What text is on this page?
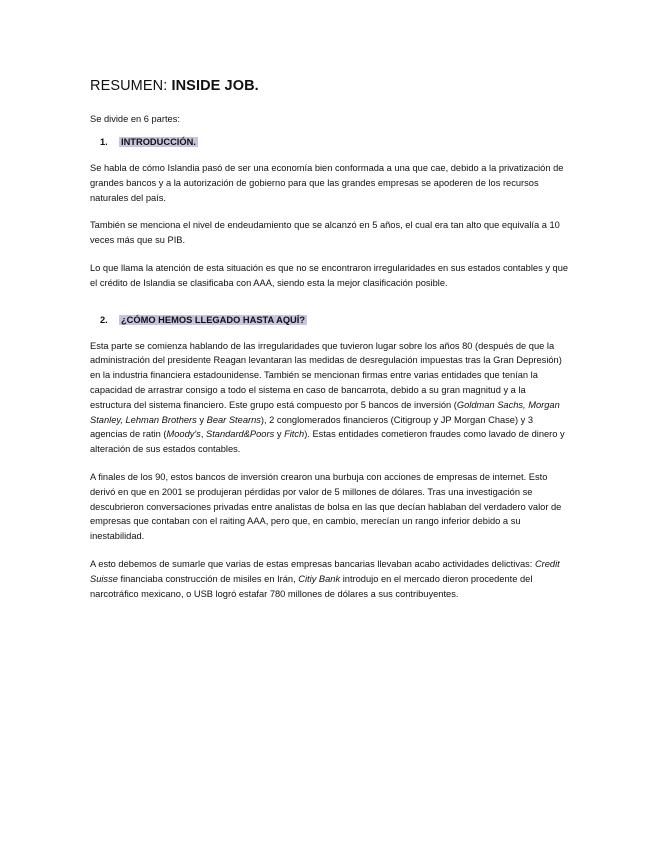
RESUMEN: INSIDE JOB.
Se divide en 6 partes:
1. INTRODUCCIÓN.

Se habla de cómo Islandia pasó de ser una economía bien conformada a una que cae, debido a la privatización de grandes bancos y a la autorización de gobierno para que las grandes empresas se apoderen de los recursos naturales del país.

También se menciona el nivel de endeudamiento que se alcanzó en 5 años, el cual era tan alto que equivalía a 10 veces más que su PIB.

Lo que llama la atención de esta situación es que no se encontraron irregularidades en sus estados contables y que el crédito de Islandia se clasificaba con AAA, siendo esta la mejor clasificación posible.

2. ¿CÓMO HEMOS LLEGADO HASTA AQUÍ?

Esta parte se comienza hablando de las irregularidades que tuvieron lugar sobre los años 80 (después de que la administración del presidente Reagan levantaran las medidas de desregulación impuestas tras la Gran Depresión) en la industria financiera estadounidense. También se mencionan firmas entre varias entidades que tenían la capacidad de arrastrar consigo a todo el sistema en caso de bancarrota, debido a su gran magnitud y a la estructura del sistema financiero. Este grupo está compuesto por 5 bancos de inversión (Goldman Sachs, Morgan Stanley, Lehman Brothers y Bear Stearns), 2 conglomerados financieros (Citigroup y JP Morgan Chase) y 3 agencias de ratin (Moody's, Standard&Poors y Fitch). Estas entidades cometieron fraudes como lavado de dinero y alteración de sus estados contables.

A finales de los 90, estos bancos de inversión crearon una burbuja con acciones de empresas de internet. Esto derivó en que en 2001 se produjeran pérdidas por valor de 5 millones de dólares. Tras una investigación se descubrieron conversaciones privadas entre analistas de bolsa en las que decían hablaban del verdadero valor de empresas que contaban con el raiting AAA, pero que, en cambio, merecían un rango inferior debido a su inestabilidad.

A esto debemos de sumarle que varias de estas empresas bancarias llevaban acabo actividades delictivas: Credit Suisse financiaba construcción de misiles en Irán, Citiy Bank introdujo en el mercado dieron procedente del narcotráfico mexicano, o USB logró estafar 780 millones de dólares a sus contribuyentes.
